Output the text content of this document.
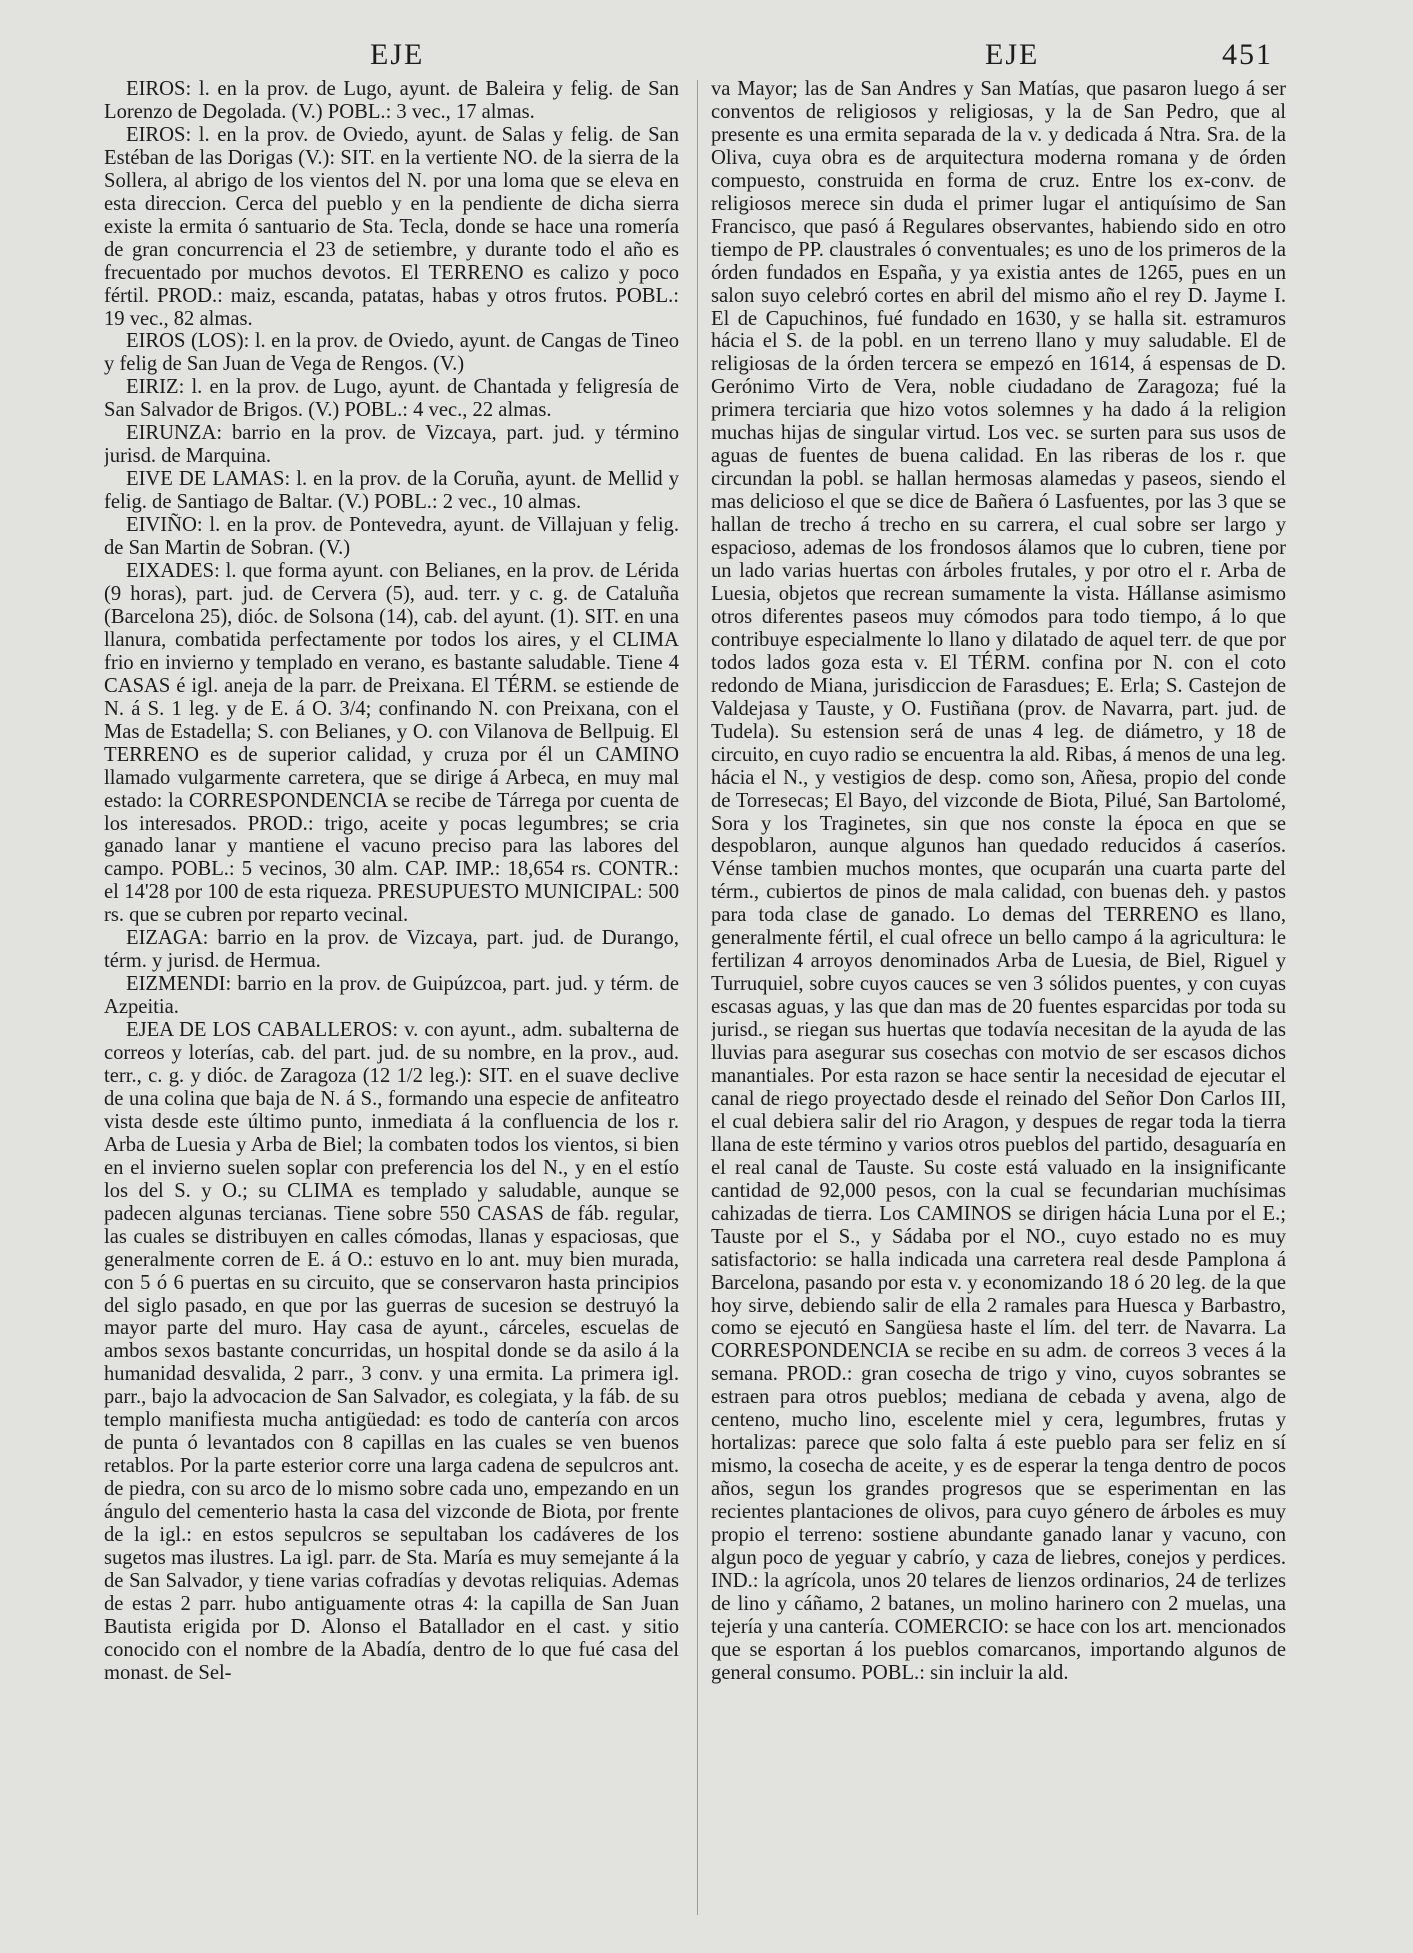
EJE	EJE	451

EIROS: l. en la prov. de Lugo, ayunt. de Baleira y felig. de San Lorenzo de Degolada. (V.) POBL.: 3 vec., 17 almas.

EIROS: l. en la prov. de Oviedo, ayunt. de Salas y felig. de San Estéban de las Dorigas (V.): SIT. en la vertiente NO. de la sierra de la Sollera, al abrigo de los vientos del N. por una loma que se eleva en esta direccion. Cerca del pueblo y en la pendiente de dicha sierra existe la ermita ó santuario de Sta. Tecla, donde se hace una romería de gran concurrencia el 23 de setiembre, y durante todo el año es frecuentado por muchos devotos. El TERRENO es calizo y poco fértil. PROD.: maiz, escanda, patatas, habas y otros frutos. POBL.: 19 vec., 82 almas.

EIROS (LOS): l. en la prov. de Oviedo, ayunt. de Cangas de Tineo y felig de San Juan de Vega de Rengos. (V.)

EIRIZ: l. en la prov. de Lugo, ayunt. de Chantada y feligresía de San Salvador de Brigos. (V.) POBL.: 4 vec., 22 almas.

EIRUNZA: barrio en la prov. de Vizcaya, part. jud. y término jurisd. de Marquina.

EIVE DE LAMAS: l. en la prov. de la Coruña, ayunt. de Mellid y felig. de Santiago de Baltar. (V.) POBL.: 2 vec., 10 almas.

EIVIÑO: l. en la prov. de Pontevedra, ayunt. de Villajuan y felig. de San Martin de Sobran. (V.)

EIXADES: l. que forma ayunt. con Belianes, en la prov. de Lérida (9 horas), part. jud. de Cervera (5), aud. terr. y c. g. de Cataluña (Barcelona 25), dióc. de Solsona (14), cab. del ayunt. (1). SIT. en una llanura, combatida perfectamente por todos los aires, y el CLIMA frio en invierno y templado en verano, es bastante saludable. Tiene 4 CASAS é igl. aneja de la parr. de Preixana. El TÉRM. se estiende de N. á S. 1 leg. y de E. á O. 3/4; confinando N. con Preixana, con el Mas de Estadella; S. con Belianes, y O. con Vilanova de Bellpuig. El TERRENO es de superior calidad, y cruza por él un CAMINO llamado vulgarmente carretera, que se dirige á Arbeca, en muy mal estado: la CORRESPONDENCIA se recibe de Tárrega por cuenta de los interesados. PROD.: trigo, aceite y pocas legumbres; se cria ganado lanar y mantiene el vacuno preciso para las labores del campo. POBL.: 5 vecinos, 30 alm. CAP. IMP.: 18,654 rs. CONTR.: el 14'28 por 100 de esta riqueza. PRESUPUESTO MUNICIPAL: 500 rs. que se cubren por reparto vecinal.

EIZAGA: barrio en la prov. de Vizcaya, part. jud. de Durango, térm. y jurisd. de Hermua.

EIZMENDI: barrio en la prov. de Guipúzcoa, part. jud. y térm. de Azpeitia.

EJEA DE LOS CABALLEROS: v. con ayunt., adm. subalterna de correos y loterías, cab. del part. jud. de su nombre, en la prov., aud. terr., c. g. y dióc. de Zaragoza (12 1/2 leg.): SIT. en el suave declive de una colina que baja de N. á S., formando una especie de anfiteatro vista desde este último punto, inmediata á la confluencia de los r. Arba de Luesia y Arba de Biel; la combaten todos los vientos, si bien en el invierno suelen soplar con preferencia los del N., y en el estío los del S. y O.; su CLIMA es templado y saludable, aunque se padecen algunas tercianas. Tiene sobre 550 CASAS de fáb. regular, las cuales se distribuyen en calles cómodas, llanas y espaciosas, que generalmente corren de E. á O.: estuvo en lo ant. muy bien murada, con 5 ó 6 puertas en su circuito, que se conservaron hasta principios del siglo pasado, en que por las guerras de sucesion se destruyó la mayor parte del muro. Hay casa de ayunt., cárceles, escuelas de ambos sexos bastante concurridas, un hospital donde se da asilo á la humanidad desvalida, 2 parr., 3 conv. y una ermita. La primera igl. parr., bajo la advocacion de San Salvador, es colegiata, y la fáb. de su templo manifiesta mucha antigüedad: es todo de cantería con arcos de punta ó levantados con 8 capillas en las cuales se ven buenos retablos. Por la parte esterior corre una larga cadena de sepulcros ant. de piedra, con su arco de lo mismo sobre cada uno, empezando en un ángulo del cementerio hasta la casa del vizconde de Biota, por frente de la igl.: en estos sepulcros se sepultaban los cadáveres de los sugetos mas ilustres. La igl. parr. de Sta. María es muy semejante á la de San Salvador, y tiene varias cofradías y devotas reliquias. Ademas de estas 2 parr. hubo antiguamente otras 4: la capilla de San Juan Bautista erigida por D. Alonso el Batallador en el cast. y sitio conocido con el nombre de la Abadía, dentro de lo que fué casa del monast. de Sel-

va Mayor; las de San Andres y San Matías, que pasaron luego á ser conventos de religiosos y religiosas, y la de San Pedro, que al presente es una ermita separada de la v. y dedicada á Ntra. Sra. de la Oliva, cuya obra es de arquitectura moderna romana y de órden compuesto, construida en forma de cruz. Entre los ex-conv. de religiosos merece sin duda el primer lugar el antiquísimo de San Francisco, que pasó á Regulares observantes, habiendo sido en otro tiempo de PP. claustrales ó conventuales; es uno de los primeros de la órden fundados en España, y ya existia antes de 1265, pues en un salon suyo celebró cortes en abril del mismo año el rey D. Jayme I. El de Capuchinos, fué fundado en 1630, y se halla sit. estramuros hácia el S. de la pobl. en un terreno llano y muy saludable. El de religiosas de la órden tercera se empezó en 1614, á espensas de D. Gerónimo Virto de Vera, noble ciudadano de Zaragoza; fué la primera terciaria que hizo votos solemnes y ha dado á la religion muchas hijas de singular virtud. Los vec. se surten para sus usos de aguas de fuentes de buena calidad. En las riberas de los r. que circundan la pobl. se hallan hermosas alamedas y paseos, siendo el mas delicioso el que se dice de Bañera ó Lasfuentes, por las 3 que se hallan de trecho á trecho en su carrera, el cual sobre ser largo y espacioso, ademas de los frondosos álamos que lo cubren, tiene por un lado varias huertas con árboles frutales, y por otro el r. Arba de Luesia, objetos que recrean sumamente la vista. Hállanse asimismo otros diferentes paseos muy cómodos para todo tiempo, á lo que contribuye especialmente lo llano y dilatado de aquel terr. de que por todos lados goza esta v. El TÉRM. confina por N. con el coto redondo de Miana, jurisdiccion de Farasdues; E. Erla; S. Castejon de Valdejasa y Tauste, y O. Fustiñana (prov. de Navarra, part. jud. de Tudela). Su estension será de unas 4 leg. de diámetro, y 18 de circuito, en cuyo radio se encuentra la ald. Ribas, á menos de una leg. hácia el N., y vestigios de desp. como son, Añesa, propio del conde de Torresecas; El Bayo, del vizconde de Biota, Pilué, San Bartolomé, Sora y los Traginetes, sin que nos conste la época en que se despoblaron, aunque algunos han quedado reducidos á caseríos. Vénse tambien muchos montes, que ocuparán una cuarta parte del térm., cubiertos de pinos de mala calidad, con buenas deh. y pastos para toda clase de ganado. Lo demas del TERRENO es llano, generalmente fértil, el cual ofrece un bello campo á la agricultura: le fertilizan 4 arroyos denominados Arba de Luesia, de Biel, Riguel y Turruquiel, sobre cuyos cauces se ven 3 sólidos puentes, y con cuyas escasas aguas, y las que dan mas de 20 fuentes esparcidas por toda su jurisd., se riegan sus huertas que todavía necesitan de la ayuda de las lluvias para asegurar sus cosechas con motvio de ser escasos dichos manantiales. Por esta razon se hace sentir la necesidad de ejecutar el canal de riego proyectado desde el reinado del Señor Don Carlos III, el cual debiera salir del rio Aragon, y despues de regar toda la tierra llana de este término y varios otros pueblos del partido, desaguaría en el real canal de Tauste. Su coste está valuado en la insignificante cantidad de 92,000 pesos, con la cual se fecundarian muchísimas cahizadas de tierra. Los CAMINOS se dirigen hácia Luna por el E.; Tauste por el S., y Sádaba por el NO., cuyo estado no es muy satisfactorio: se halla indicada una carretera real desde Pamplona á Barcelona, pasando por esta v. y economizando 18 ó 20 leg. de la que hoy sirve, debiendo salir de ella 2 ramales para Huesca y Barbastro, como se ejecutó en Sangüesa haste el lím. del terr. de Navarra. La CORRESPONDENCIA se recibe en su adm. de correos 3 veces á la semana. PROD.: gran cosecha de trigo y vino, cuyos sobrantes se estraen para otros pueblos; mediana de cebada y avena, algo de centeno, mucho lino, escelente miel y cera, legumbres, frutas y hortalizas: parece que solo falta á este pueblo para ser feliz en sí mismo, la cosecha de aceite, y es de esperar la tenga dentro de pocos años, segun los grandes progresos que se esperimentan en las recientes plantaciones de olivos, para cuyo género de árboles es muy propio el terreno: sostiene abundante ganado lanar y vacuno, con algun poco de yeguar y cabrío, y caza de liebres, conejos y perdices. IND.: la agrícola, unos 20 telares de lienzos ordinarios, 24 de terlizes de lino y cáñamo, 2 batanes, un molino harinero con 2 muelas, una tejería y una cantería. COMERCIO: se hace con los art. mencionados que se esportan á los pueblos comarcanos, importando algunos de general consumo. POBL.: sin incluir la ald.
